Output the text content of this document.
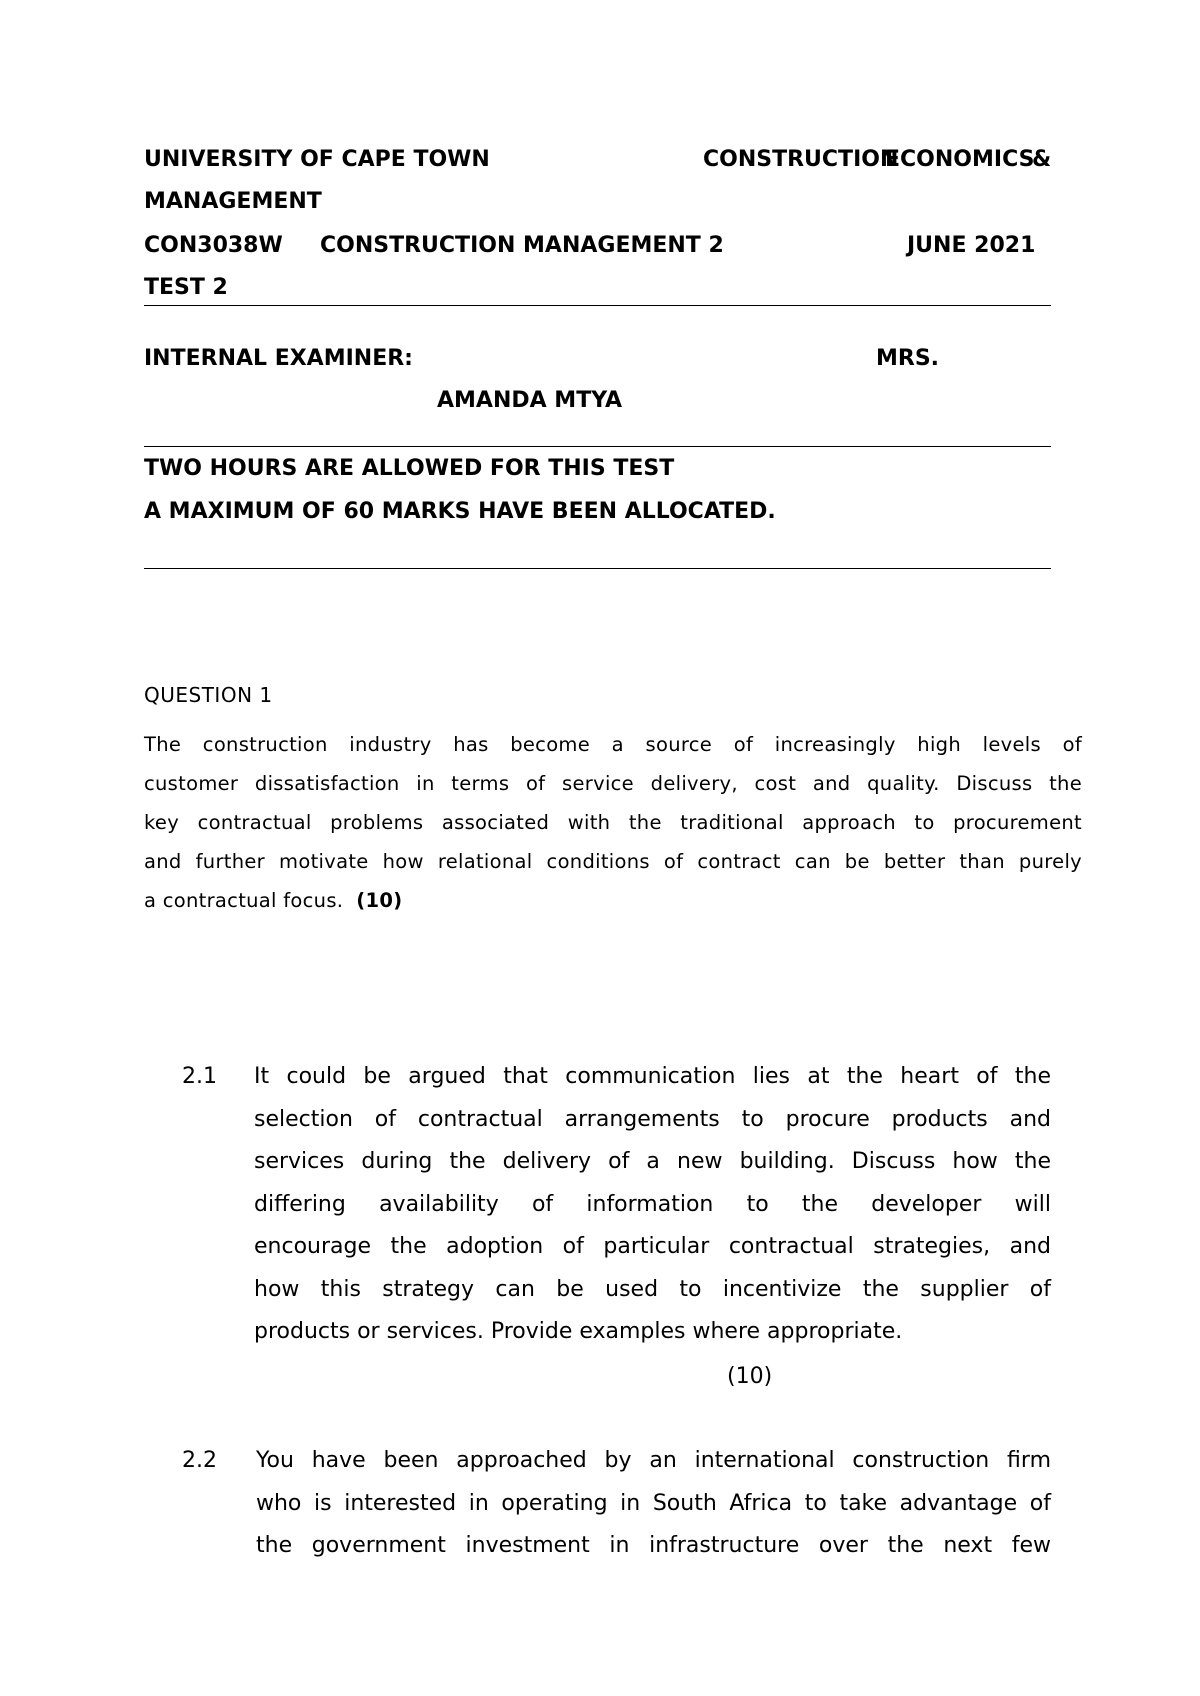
UNIVERSITY OF CAPE TOWN	CONSTRUCTION
ECONOMICS
&
MANAGEMENT
CON3038W CONSTRUCTION MANAGEMENT 2	JUNE 2021
TEST 2
INTERNAL EXAMINER:	MRS.
AMANDA MTYA
TWO HOURS ARE ALLOWED FOR THIS TEST
A MAXIMUM OF 60 MARKS HAVE BEEN ALLOCATED.
QUESTION 1
The construction industry has become a source of increasingly high levels of
customer dissatisfaction in terms of service delivery, cost and quality. Discuss the
key contractual problems associated with the traditional approach to procurement
and further motivate how relational conditions of contract can be better than purely
a contractual focus. (10)
2.1 It could be argued that communication lies at the heart of the
selection of contractual arrangements to procure products and
services during the delivery of a new building. Discuss how the
differing availability of information to the developer will
encourage the adoption of particular contractual strategies, and
how this strategy can be used to incentivize the supplier of
products or services. Provide examples where appropriate.
(10)
2.2 You have been approached by an international construction firm
who is interested in operating in South Africa to take advantage of
the government investment in infrastructure over the next few
